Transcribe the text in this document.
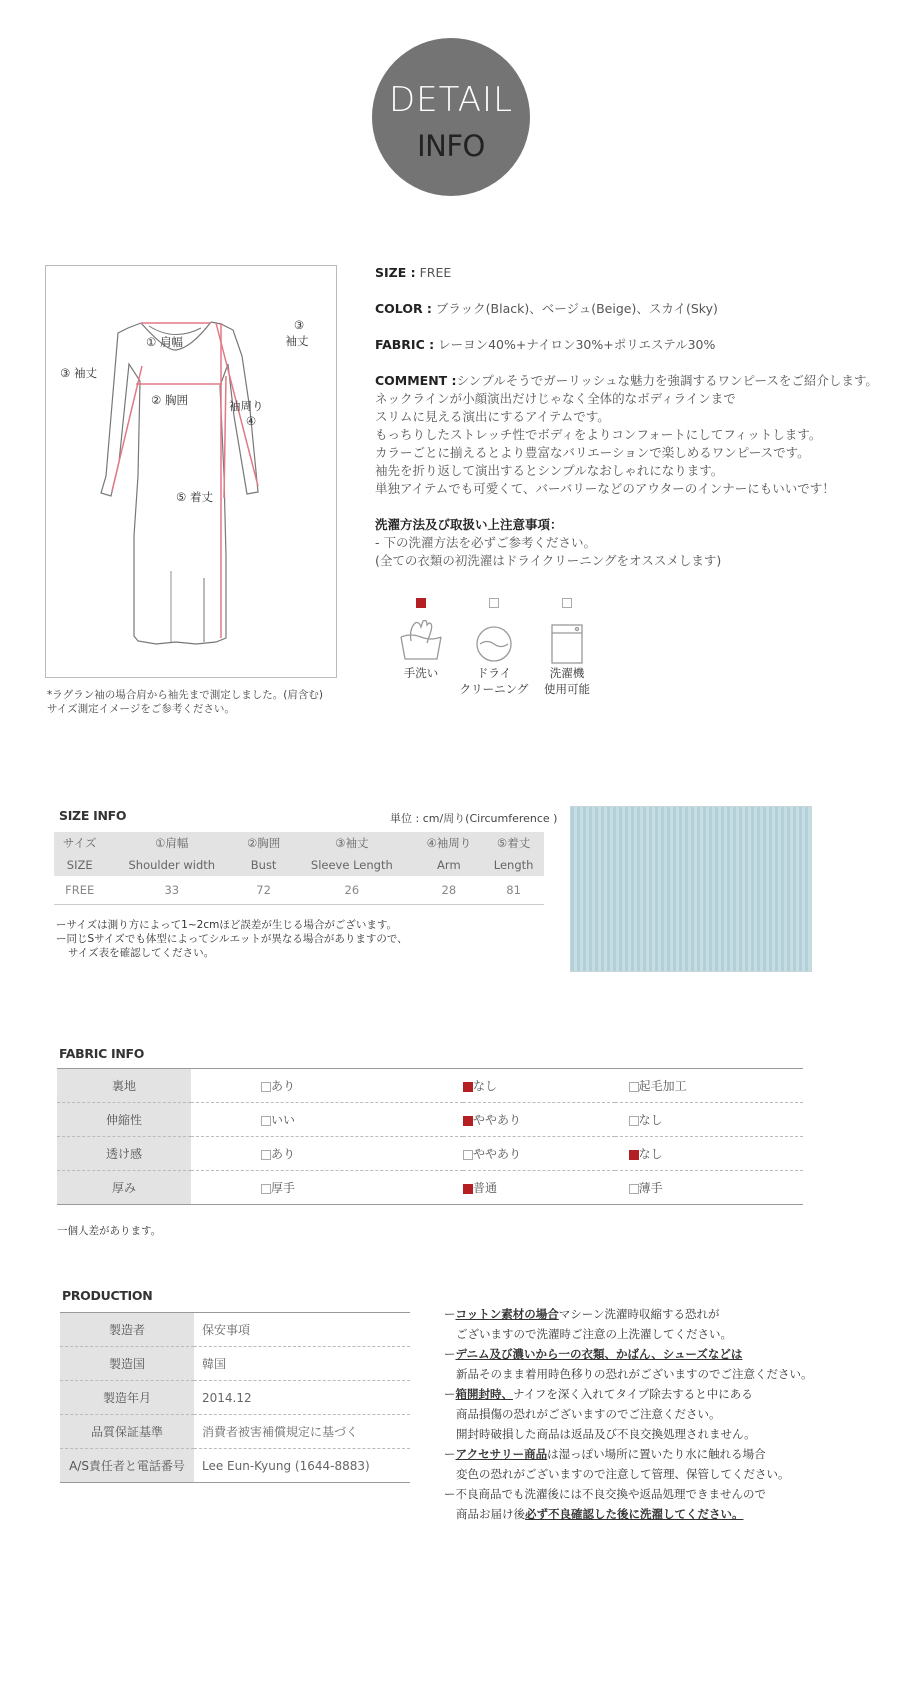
DETAIL
INFO
① 肩幅
② 胸囲
③ 袖丈
③
袖丈
袖周り
④
⑤ 着丈
*ラグラン袖の場合肩から袖先まで測定しました。(肩含む)
サイズ測定イメージをご参考ください。
SIZE : FREE
COLOR : ブラック(Black)、ベージュ(Beige)、スカイ(Sky)
FABRIC : レーヨン40%+ナイロン30%+ポリエステル30%
COMMENT :シンプルそうでガーリッシュな魅力を強調するワンピースをご紹介します。
ネックラインが小顔演出だけじゃなく全体的なボディラインまで
スリムに見える演出にするアイテムです。
もっちりしたストレッチ性でボディをよりコンフォートにしてフィットします。
カラーごとに揃えるとより豊富なバリエーションで楽しめるワンピースです。
袖先を折り返して演出するとシンプルなおしゃれになります。
単独アイテムでも可愛くて、バーバリーなどのアウターのインナーにもいいです！
洗濯方法及び取扱い上注意事項：
- 下の洗濯方法を必ずご参考ください。
(全ての衣類の初洗濯はドライクリーニングをオススメします)
手洗い	ドライ
クリーニング
洗濯機
使用可能
SIZE INFO	単位 : cm/周り(Circumference )
サイズ	①肩幅	②胸囲	③袖丈	④袖周り	⑤着丈
SIZE	Shoulder width	Bust	Sleeve Length	Arm	Length
FREE	33	72	26	28	81
ーサイズは測り方によって1~2cmほど誤差が生じる場合がございます。
ー同じSサイズでも体型によってシルエットが異なる場合がありますので、
サイズ表を確認してください。
FABRIC INFO
裏地	あり	なし	起毛加工
伸縮性	いい	ややあり	なし
透け感	あり	ややあり	なし
厚み	厚手	普通	薄手
一個人差があります。
PRODUCTION
製造者	保安事項
製造国	韓国
製造年月	2014.12
品質保証基準	消費者被害補償規定に基づく
A/S責任者と電話番号	Lee Eun-Kyung (1644-8883)
ーコットン素材の場合マシーン洗濯時収縮する恐れが
ございますので洗濯時ご注意の上洗濯してください。
ーデニム及び濃いから一の衣類、かばん、シューズなどは
新品そのまま着用時色移りの恐れがございますのでご注意ください。
ー箱開封時、ナイフを深く入れてタイプ除去すると中にある
商品損傷の恐れがございますのでご注意ください。
開封時破損した商品は返品及び不良交換処理されません。
ーアクセサリー商品は湿っぽい場所に置いたり水に触れる場合
変色の恐れがございますので注意して管理、保管してください。
ー不良商品でも洗濯後には不良交換や返品処理できませんので
商品お届け後必ず不良確認した後に洗濯してください。
